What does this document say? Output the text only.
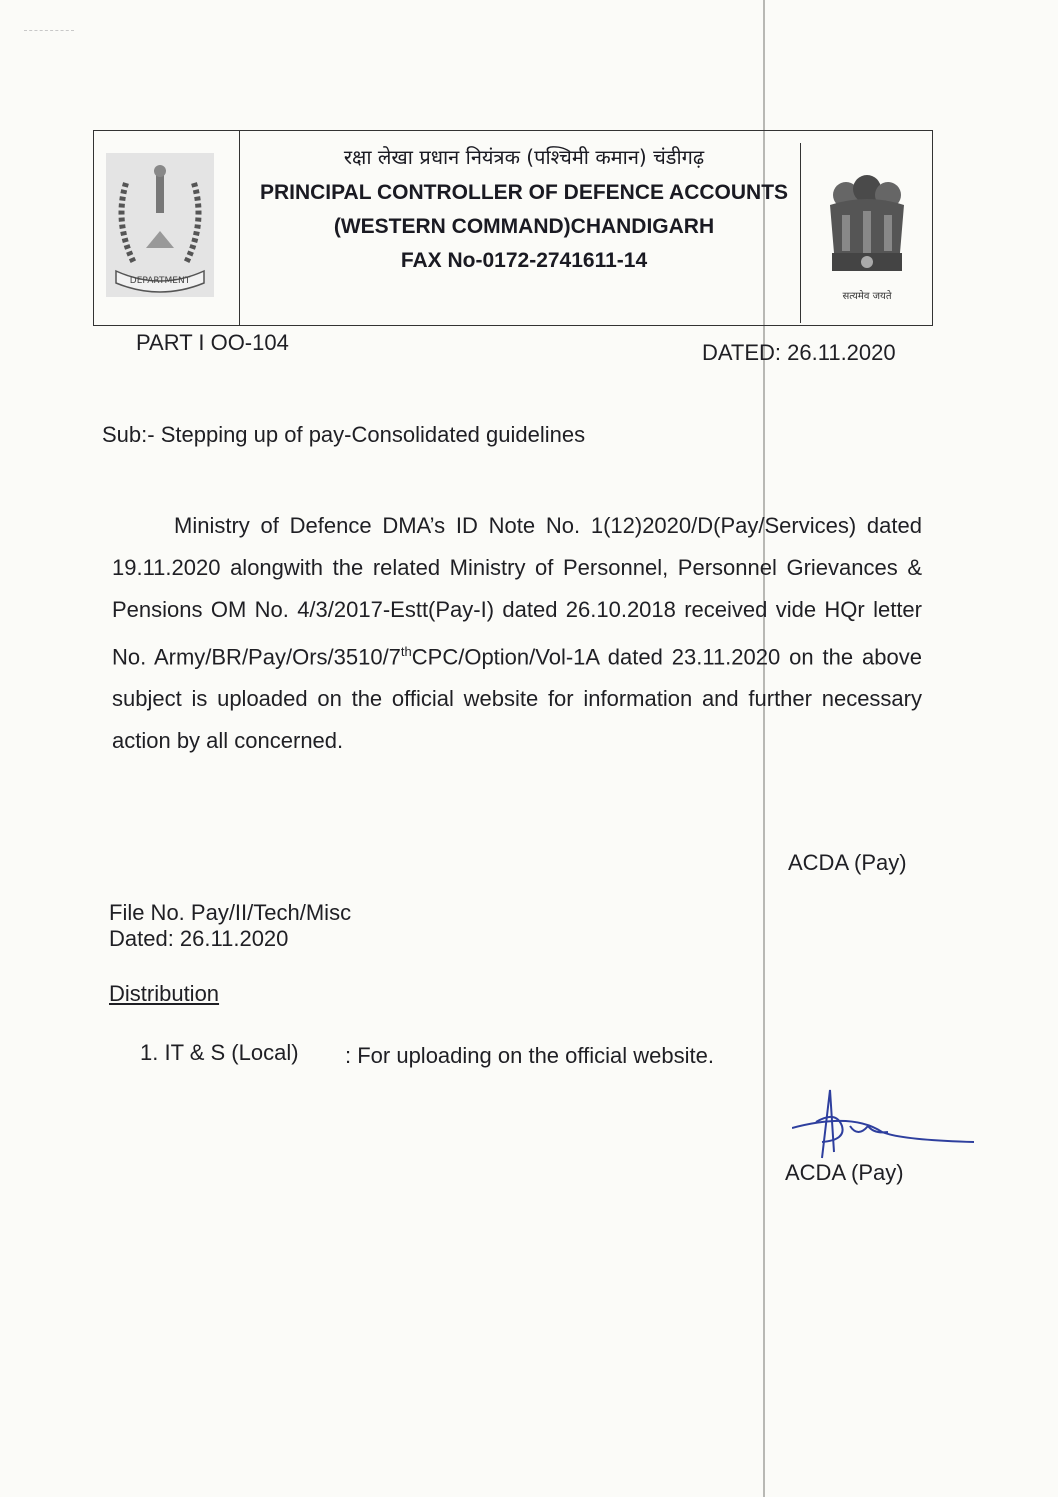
DEPARTMENT
रक्षा लेखा प्रधान नियंत्रक (पश्चिमी कमान) चंडीगढ़
PRINCIPAL CONTROLLER OF DEFENCE ACCOUNTS
(WESTERN COMMAND)CHANDIGARH
FAX No-0172-2741611-14
सत्यमेव जयते
PART I OO-104	DATED: 26.11.2020
Sub:- Stepping up of pay-Consolidated guidelines

Ministry of Defence DMA’s ID Note No. 1(12)2020/D(Pay/Services) dated 19.11.2020 alongwith the related Ministry of Personnel, Personnel Grievances & Pensions OM No. 4/3/2017-Estt(Pay-I) dated 26.10.2018 received vide HQr letter No. Army/BR/Pay/Ors/3510/7thCPC/Option/Vol-1A dated 23.11.2020 on the above subject is uploaded on the official website for information and further necessary action by all concerned.

ACDA (Pay)
File No. Pay/II/Tech/Misc
Dated: 26.11.2020
Distribution
1. IT & S (Local) : For uploading on the official website.
ACDA (Pay)
